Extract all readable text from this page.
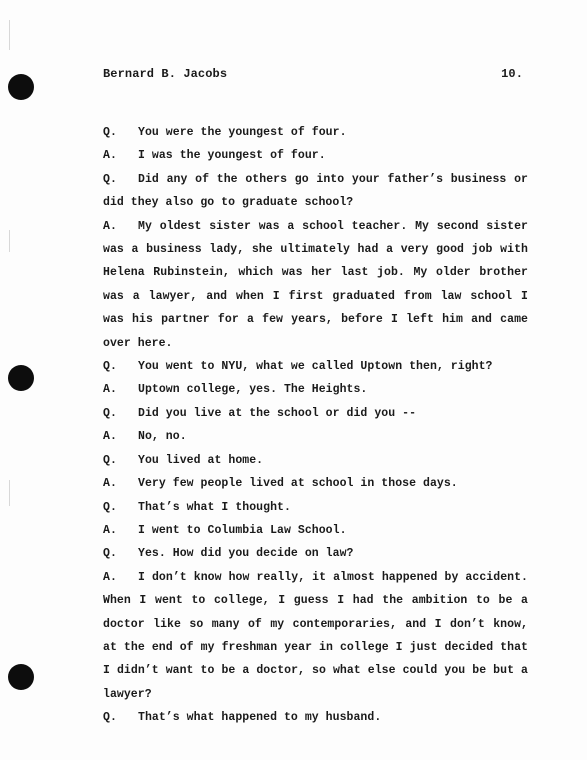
Bernard B. Jacobs	10.

Q. You were the youngest of four.

A. I was the youngest of four.

Q. Did any of the others go into your father’s business or did they also go to graduate school?

A. My oldest sister was a school teacher. My second sister was a business lady, she ultimately had a very good job with Helena Rubinstein, which was her last job. My older brother was a lawyer, and when I first graduated from law school I was his partner for a few years, before I left him and came over here.

Q. You went to NYU, what we called Uptown then, right?

A. Uptown college, yes. The Heights.

Q. Did you live at the school or did you --

A. No, no.

Q. You lived at home.

A. Very few people lived at school in those days.

Q. That’s what I thought.

A. I went to Columbia Law School.

Q. Yes. How did you decide on law?

A. I don’t know how really, it almost happened by accident. When I went to college, I guess I had the ambition to be a doctor like so many of my contemporaries, and I don’t know, at the end of my freshman year in college I just decided that I didn’t want to be a doctor, so what else could you be but a lawyer?

Q. That’s what happened to my husband.
